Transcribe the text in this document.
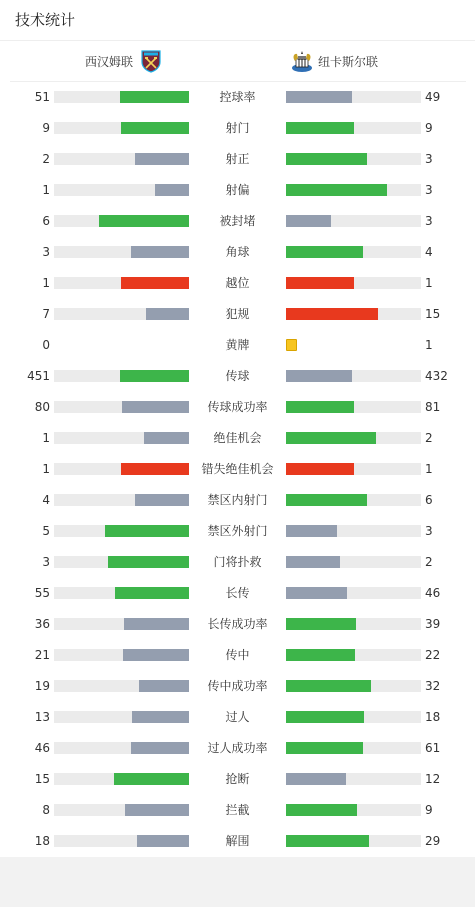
技术统计
西汉姆联	纽卡斯尔联
51	控球率	49
9	射门	9
2	射正	3
1	射偏	3
6	被封堵	3
3	角球	4
1	越位	1
7	犯规	15
0	黄牌	1
451	传球	432
80	传球成功率	81
1	绝佳机会	2
1	错失绝佳机会	1
4	禁区内射门	6
5	禁区外射门	3
3	门将扑救	2
55	长传	46
36	长传成功率	39
21	传中	22
19	传中成功率	32
13	过人	18
46	过人成功率	61
15	抢断	12
8	拦截	9
18	解围	29
